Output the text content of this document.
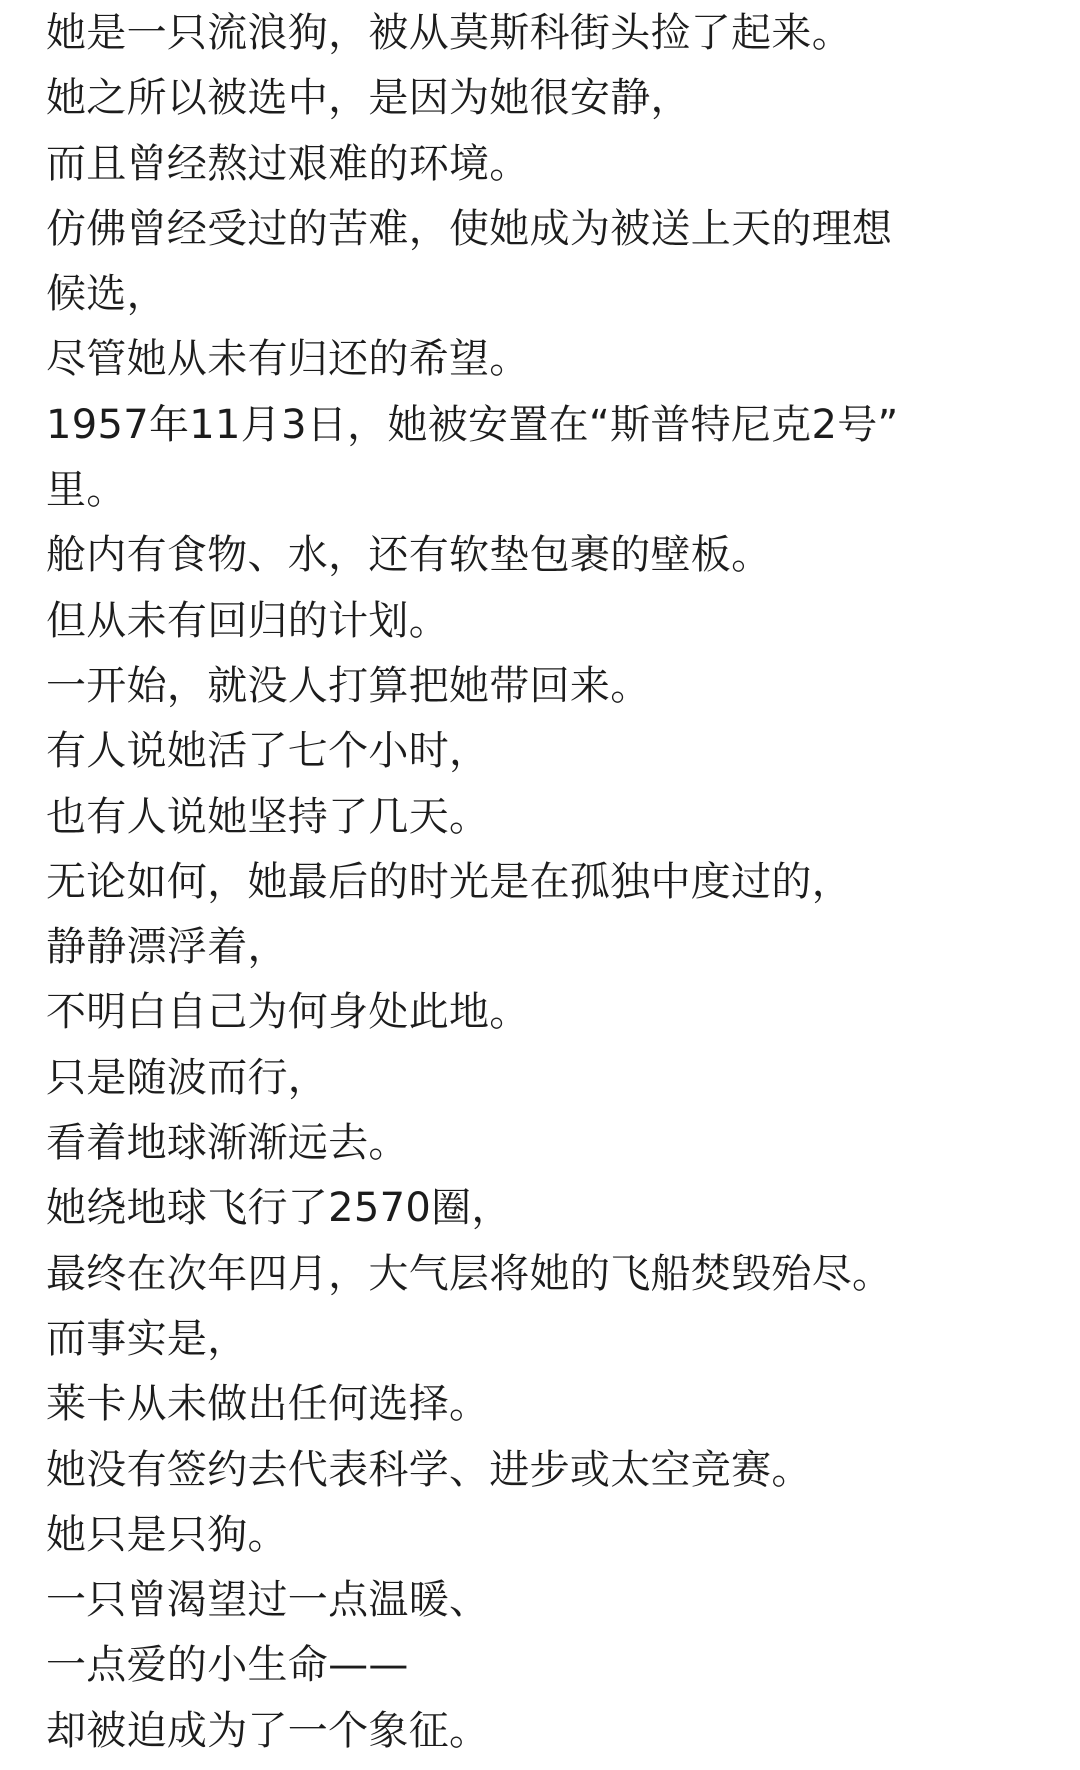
她是一只流浪狗，被从莫斯科街头捡了起来。
她之所以被选中，是因为她很安静，
而且曾经熬过艰难的环境。
仿佛曾经受过的苦难，使她成为被送上天的理想
候选，
尽管她从未有归还的希望。
1957年11月3日，她被安置在“斯普特尼克2号”
里。
舱内有食物、水，还有软垫包裹的壁板。
但从未有回归的计划。
一开始，就没人打算把她带回来。
有人说她活了七个小时，
也有人说她坚持了几天。
无论如何，她最后的时光是在孤独中度过的，
静静漂浮着，
不明白自己为何身处此地。
只是随波而行，
看着地球渐渐远去。
她绕地球飞行了2570圈，
最终在次年四月，大气层将她的飞船焚毁殆尽。
而事实是，
莱卡从未做出任何选择。
她没有签约去代表科学、进步或太空竞赛。
她只是只狗。
一只曾渴望过一点温暖、
一点爱的小生命——
却被迫成为了一个象征。
